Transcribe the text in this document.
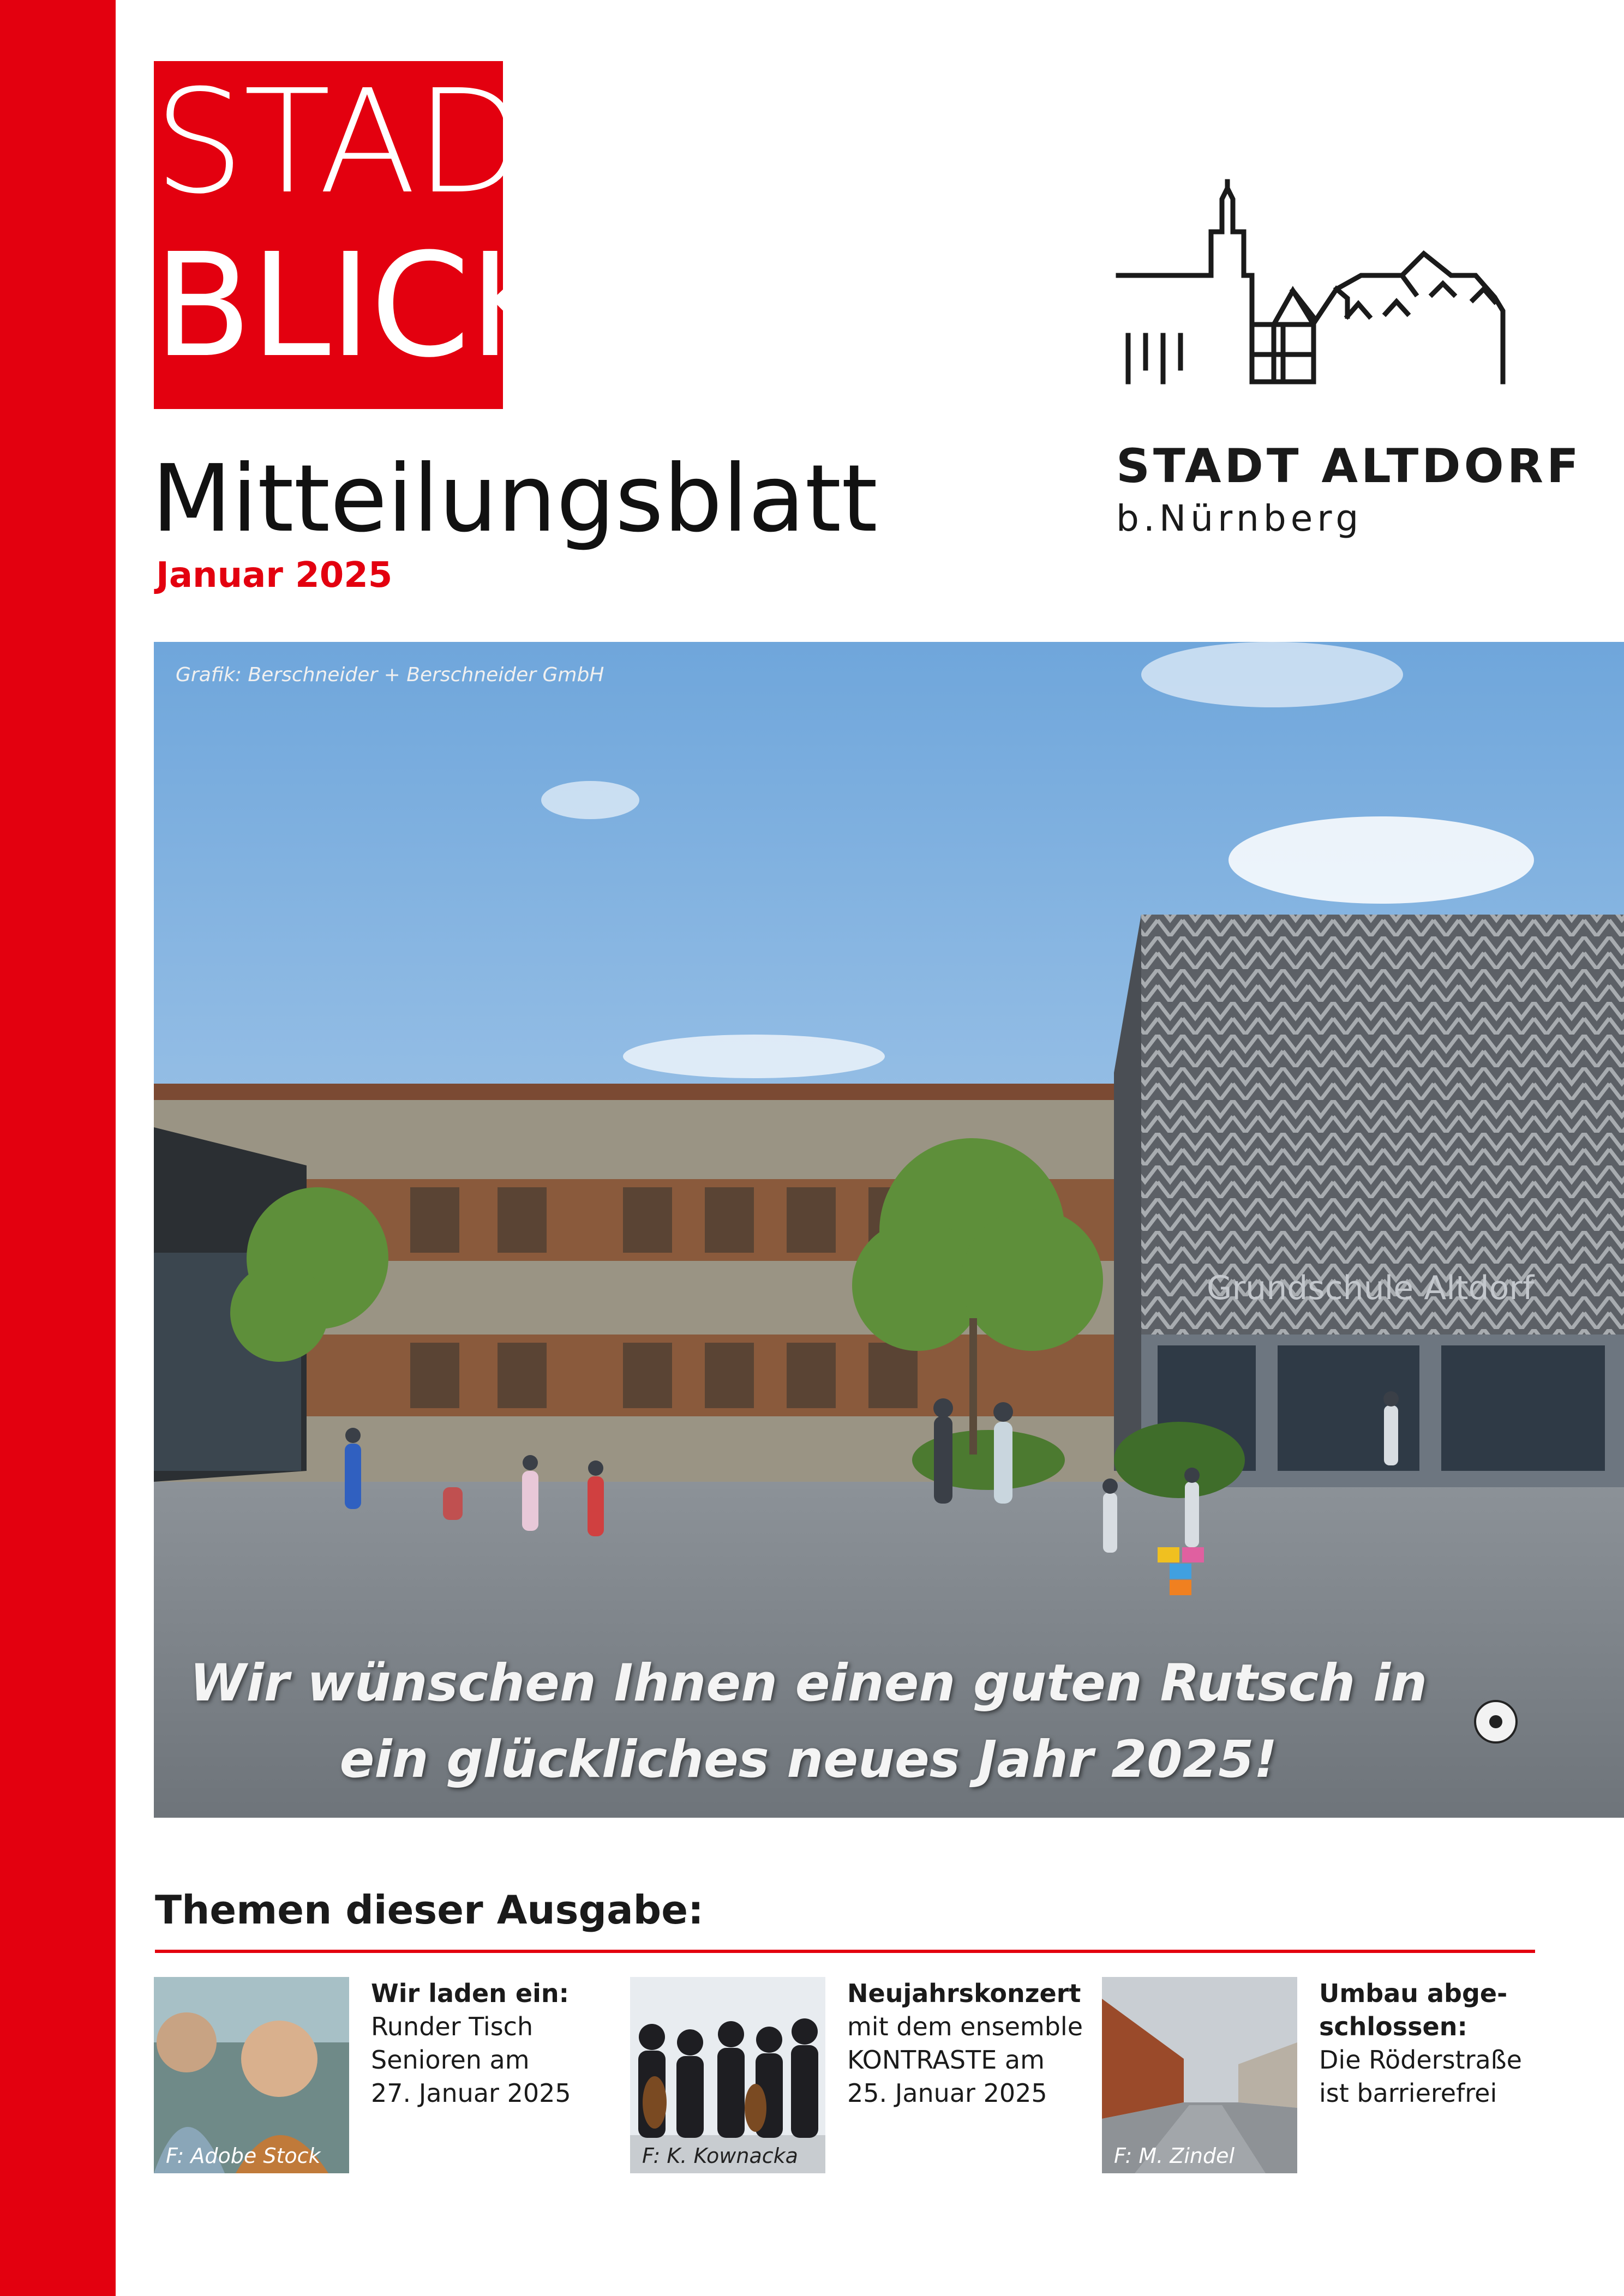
STADT
BLICK
Mitteilungsblatt
Januar 2025
STADT ALTDORF
b.Nürnberg
Grafik: Berschneider + Berschneider GmbH
Grundschule Altdorf
Wir wünschen Ihnen einen guten Rutsch in
ein glückliches neues Jahr 2025!
Themen dieser Ausgabe:
F: Adobe Stock
Wir laden ein:
Runder Tisch
Senioren am
27. Januar 2025
F: K. Kownacka
Neujahrskonzert
mit dem ensemble
KONTRASTE am
25. Januar 2025
F: M. Zindel
Umbau abge-
schlossen:
Die Röderstraße
ist barrierefrei
